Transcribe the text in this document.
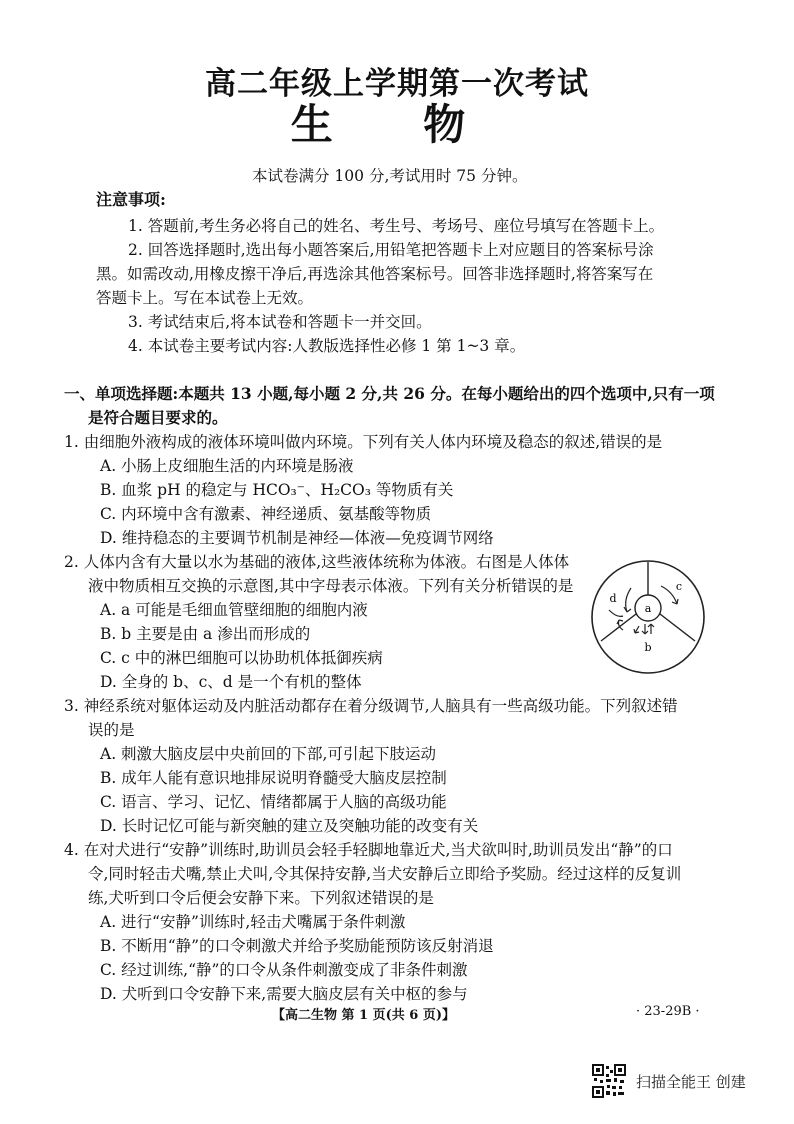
高二年级上学期第一次考试
生 物
本试卷满分 100 分,考试用时 75 分钟。
注意事项:
1. 答题前,考生务必将自己的姓名、考生号、考场号、座位号填写在答题卡上。
2. 回答选择题时,选出每小题答案后,用铅笔把答题卡上对应题目的答案标号涂
黑。如需改动,用橡皮擦干净后,再选涂其他答案标号。回答非选择题时,将答案写在
答题卡上。写在本试卷上无效。
3. 考试结束后,将本试卷和答题卡一并交回。
4. 本试卷主要考试内容:人教版选择性必修 1 第 1~3 章。
一、单项选择题:本题共 13 小题,每小题 2 分,共 26 分。在每小题给出的四个选项中,只有一项
是符合题目要求的。
1. 由细胞外液构成的液体环境叫做内环境。下列有关人体内环境及稳态的叙述,错误的是
A. 小肠上皮细胞生活的内环境是肠液
B. 血浆 pH 的稳定与 HCO₃⁻、H₂CO₃ 等物质有关
C. 内环境中含有激素、神经递质、氨基酸等物质
D. 维持稳态的主要调节机制是神经—体液—免疫调节网络
2. 人体内含有大量以水为基础的液体,这些液体统称为体液。右图是人体体
液中物质相互交换的示意图,其中字母表示体液。下列有关分析错误的是
A. a 可能是毛细血管壁细胞的细胞内液
B. b 主要是由 a 渗出而形成的
C. c 中的淋巴细胞可以协助机体抵御疾病
D. 全身的 b、c、d 是一个有机的整体
a
b
c
d
3. 神经系统对躯体运动及内脏活动都存在着分级调节,人脑具有一些高级功能。下列叙述错
误的是
A. 刺激大脑皮层中央前回的下部,可引起下肢运动
B. 成年人能有意识地排尿说明脊髓受大脑皮层控制
C. 语言、学习、记忆、情绪都属于人脑的高级功能
D. 长时记忆可能与新突触的建立及突触功能的改变有关
4. 在对犬进行“安静”训练时,助训员会轻手轻脚地靠近犬,当犬欲叫时,助训员发出“静”的口
令,同时轻击犬嘴,禁止犬叫,令其保持安静,当犬安静后立即给予奖励。经过这样的反复训
练,犬听到口令后便会安静下来。下列叙述错误的是
A. 进行“安静”训练时,轻击犬嘴属于条件刺激
B. 不断用“静”的口令刺激犬并给予奖励能预防该反射消退
C. 经过训练,“静”的口令从条件刺激变成了非条件刺激
D. 犬听到口令安静下来,需要大脑皮层有关中枢的参与
【高二生物 第 1 页(共 6 页)】	· 23-29B ·
扫描全能王 创建
